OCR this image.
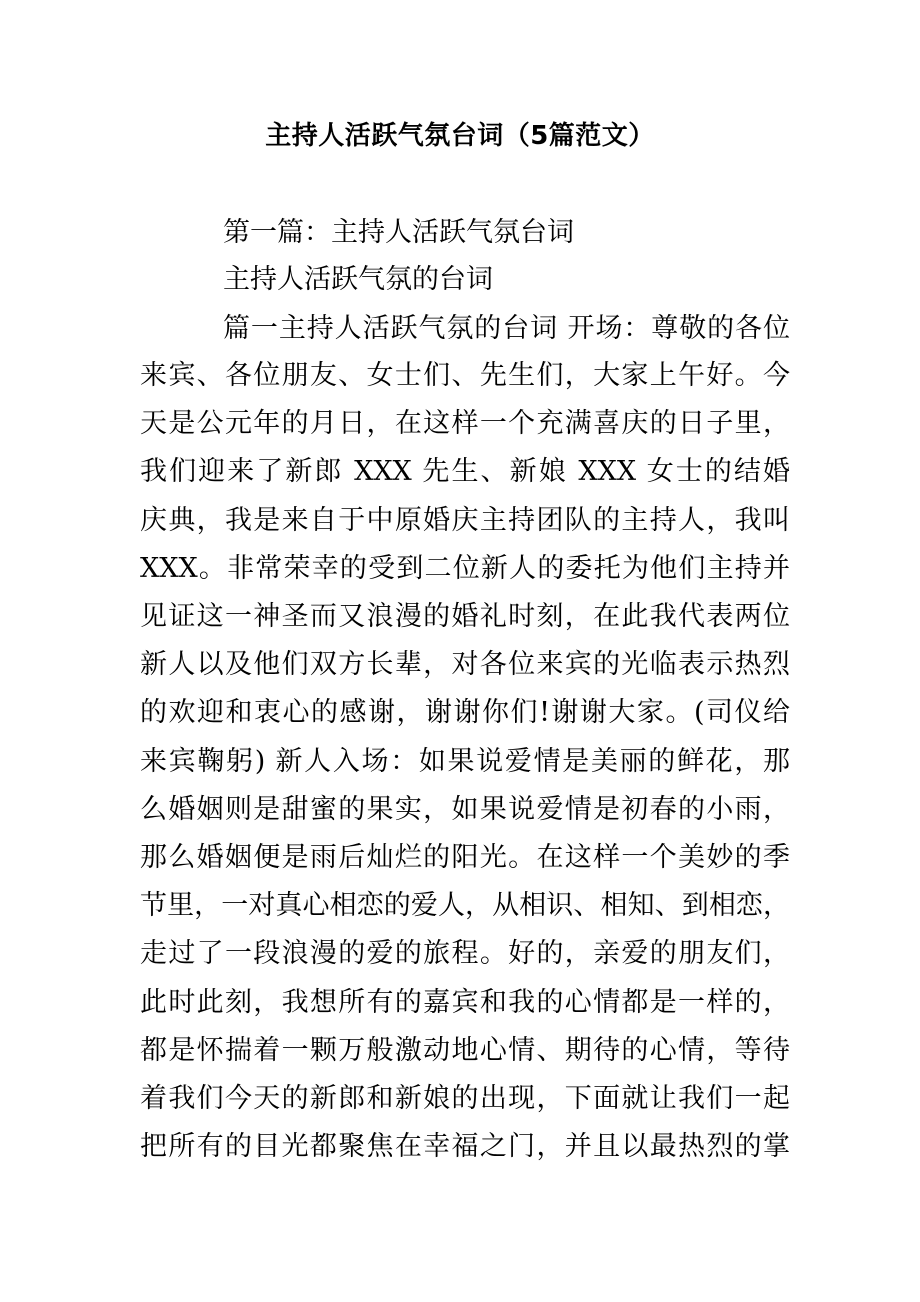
主持人活跃气氛台词（5篇范文）
第一篇：主持人活跃气氛台词
主持人活跃气氛的台词
篇一主持人活跃气氛的台词 开场：尊敬的各位
来宾、各位朋友、女士们、先生们，大家上午好。今
天是公元年的月日，在这样一个充满喜庆的日子里，
我们迎来了新郎 XXX 先生、新娘 XXX 女士的结婚
庆典，我是来自于中原婚庆主持团队的主持人，我叫
XXX。非常荣幸的受到二位新人的委托为他们主持并
见证这一神圣而又浪漫的婚礼时刻，在此我代表两位
新人以及他们双方长辈，对各位来宾的光临表示热烈
的欢迎和衷心的感谢，谢谢你们!谢谢大家。(司仪给
来宾鞠躬) 新人入场：如果说爱情是美丽的鲜花，那
么婚姻则是甜蜜的果实，如果说爱情是初春的小雨，
那么婚姻便是雨后灿烂的阳光。在这样一个美妙的季
节里，一对真心相恋的爱人，从相识、相知、到相恋，
走过了一段浪漫的爱的旅程。好的，亲爱的朋友们，
此时此刻，我想所有的嘉宾和我的心情都是一样的，
都是怀揣着一颗万般激动地心情、期待的心情，等待
着我们今天的新郎和新娘的出现，下面就让我们一起
把所有的目光都聚焦在幸福之门，并且以最热烈的掌
